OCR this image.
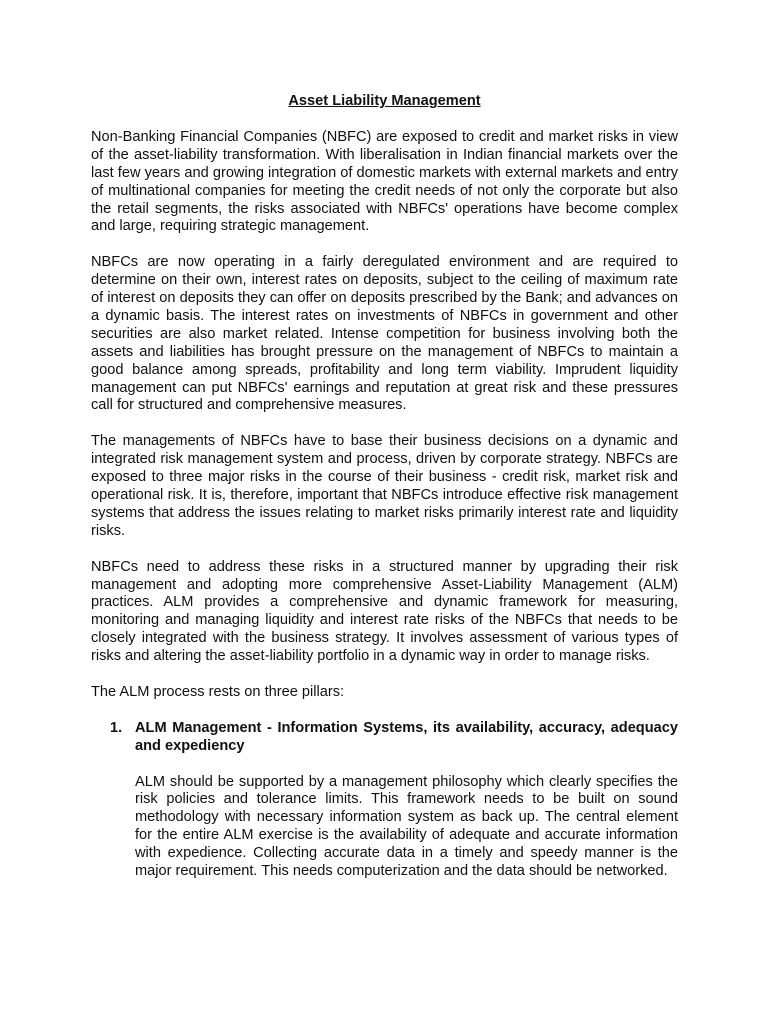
Asset Liability Management

Non-Banking Financial Companies (NBFC) are exposed to credit and market risks in view of the asset-liability transformation. With liberalisation in Indian financial markets over the last few years and growing integration of domestic markets with external markets and entry of multinational companies for meeting the credit needs of not only the corporate but also the retail segments, the risks associated with NBFCs' operations have become complex and large, requiring strategic management.

NBFCs are now operating in a fairly deregulated environment and are required to determine on their own, interest rates on deposits, subject to the ceiling of maximum rate of interest on deposits they can offer on deposits prescribed by the Bank; and advances on a dynamic basis. The interest rates on investments of NBFCs in government and other securities are also market related. Intense competition for business involving both the assets and liabilities has brought pressure on the management of NBFCs to maintain a good balance among spreads, profitability and long term viability. Imprudent liquidity management can put NBFCs' earnings and reputation at great risk and these pressures call for structured and comprehensive measures.

The managements of NBFCs have to base their business decisions on a dynamic and integrated risk management system and process, driven by corporate strategy. NBFCs are exposed to three major risks in the course of their business - credit risk, market risk and operational risk. It is, therefore, important that NBFCs introduce effective risk management systems that address the issues relating to market risks primarily interest rate and liquidity risks.

NBFCs need to address these risks in a structured manner by upgrading their risk management and adopting more comprehensive Asset-Liability Management (ALM) practices. ALM provides a comprehensive and dynamic framework for measuring, monitoring and managing liquidity and interest rate risks of the NBFCs that needs to be closely integrated with the business strategy. It involves assessment of various types of risks and altering the asset-liability portfolio in a dynamic way in order to manage risks.

The ALM process rests on three pillars:

1. ALM Management - Information Systems, its availability, accuracy, adequacy and expediency

ALM should be supported by a management philosophy which clearly specifies the risk policies and tolerance limits. This framework needs to be built on sound methodology with necessary information system as back up. The central element for the entire ALM exercise is the availability of adequate and accurate information with expedience. Collecting accurate data in a timely and speedy manner is the major requirement. This needs computerization and the data should be networked.
